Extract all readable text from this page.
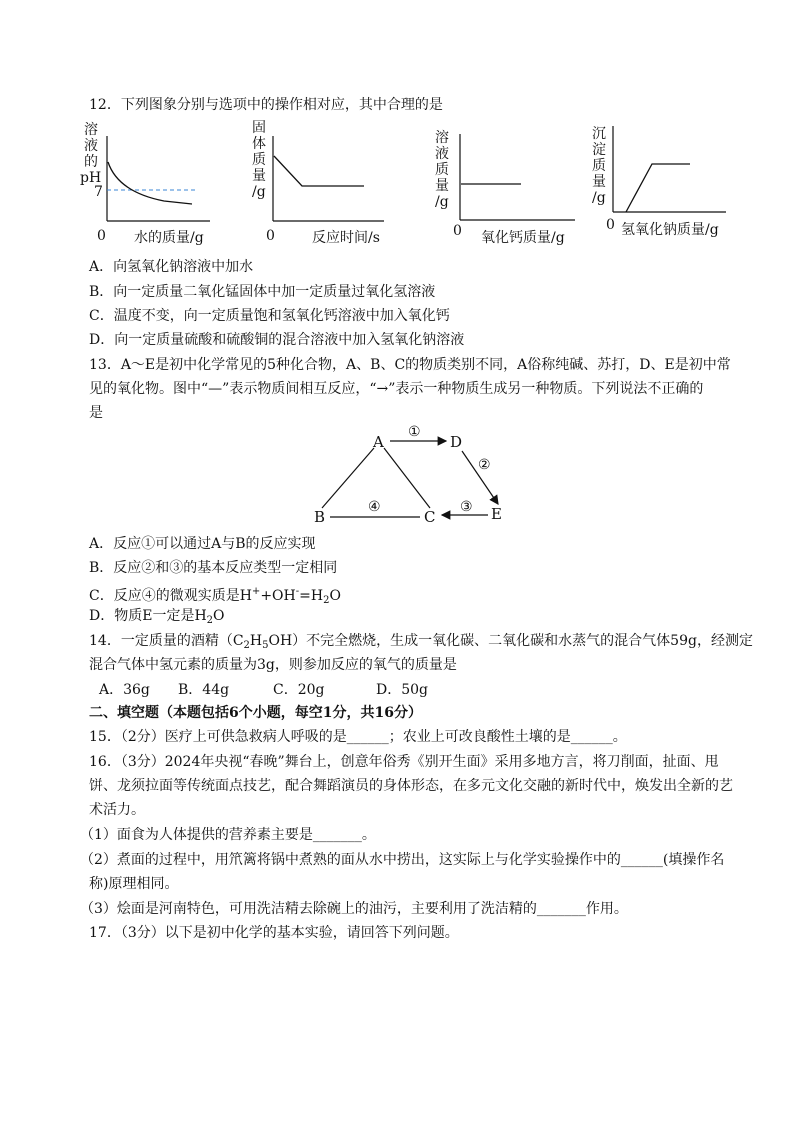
12．下列图象分别与选项中的操作相对应，其中合理的是
溶
液
的
pH
7
0 水的质量/g
固
体
质
量
/g
0	反应时间/s
溶
液
质
量
/g
0 氧化钙质量/g
沉
淀
质
量
/g
0 氢氧化钠质量/g
A．向氢氧化钠溶液中加水
B．向一定质量二氧化锰固体中加一定质量过氧化氢溶液
C．温度不变，向一定质量饱和氢氧化钙溶液中加入氧化钙
D．向一定质量硫酸和硫酸铜的混合溶液中加入氢氧化钠溶液
13．A～E是初中化学常见的5种化合物，A、B、C的物质类别不同，A俗称纯碱、苏打，D、E是初中常
见的氧化物。图中“—”表示物质间相互反应，“→”表示一种物质生成另一种物质。下列说法不正确的
是
A	D
B	C	E
①
②
③
④
A．反应①可以通过A与B的反应实现
B．反应②和③的基本反应类型一定相同
C．反应④的微观实质是$H^++OH^-=H_2O$
D．物质E一定是$H_2O$
14．一定质量的酒精$(C_2H_5OH)$不完全燃烧，生成一氧化碳、二氧化碳和水蒸气的混合气体59g，经测定
混合气体中氢元素的质量为3g，则参加反应的氧气的质量是
A．36g B．44g	C．20g	D．50g
二、填空题（本题包括6个小题，每空1分，共16分）
15．（2分）医疗上可供急救病人呼吸的是______；农业上可改良酸性土壤的是______。
16．（3分）2024年央视“春晚”舞台上，创意年俗秀《别开生面》采用多地方言，将刀削面，扯面、甩
饼、龙须拉面等传统面点技艺，配合舞蹈演员的身体形态，在多元文化交融的新时代中，焕发出全新的艺
术活力。
（1）面食为人体提供的营养素主要是_______。
（2）煮面的过程中，用笊篱将锅中煮熟的面从水中捞出，这实际上与化学实验操作中的______(填操作名
称)原理相同。
（3）烩面是河南特色，可用洗洁精去除碗上的油污，主要利用了洗洁精的_______作用。
17．（3分）以下是初中化学的基本实验，请回答下列问题。
